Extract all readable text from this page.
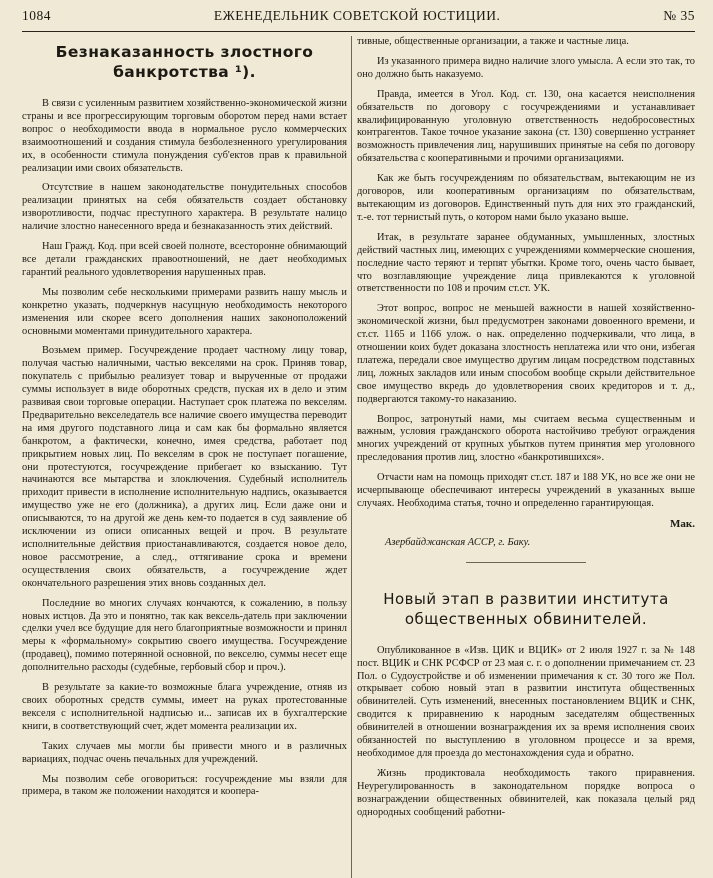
1084	ЕЖЕНЕДЕЛЬНИК СОВЕТСКОЙ ЮСТИЦИИ.	№ 35
Безнаказанность злостного банкротства ¹).

В связи с усиленным развитием хозяйственно-экономической жизни страны и все прогрессирующим торговым оборотом перед нами встает вопрос о необходимости ввода в нормальное русло коммерческих взаимоотношений и создания стимула безболезненного урегулирования их, в особенности стимула понуждения суб'ектов прав к правильной реализации ими своих обязательств.

Отсутствие в нашем законодательстве понудительных способов реализации принятых на себя обязательств создает обстановку изворотливости, подчас преступного характера. В результате налицо наличие злостно нанесенного вреда и безнаказанность этих действий.

Наш Гражд. Код. при всей своей полноте, всесторонне обнимающий все детали гражданских правоотношений, не дает необходимых гарантий реального удовлетворения нарушенных прав.

Мы позволим себе несколькими примерами развить нашу мысль и конкретно указать, подчеркнув насущную необходимость некоторого изменения или скорее всего дополнения наших законоположений основными моментами принудительного характера.

Возьмем пример. Госучреждение продает частному лицу товар, получая частью наличными, частью векселями на срок. Приняв товар, покупатель с прибылью реализует товар и вырученные от продажи суммы использует в виде оборотных средств, пуская их в дело и этим развивая свои торговые операции. Наступает срок платежа по векселям. Предварительно векселедатель все наличие своего имущества переводит на имя другого подставного лица и сам как бы формально является банкротом, а фактически, конечно, имея средства, работает под прикрытием новых лиц. По векселям в срок не поступает погашение, они протестуются, госучреждение прибегает ко взысканию. Тут начинаются все мытарства и злоключения. Судебный исполнитель приходит привести в исполнение исполнительную надпись, оказывается имущество уже не его (должника), а других лиц. Если даже они и описываются, то на другой же день кем-то подается в суд заявление об исключении из описи описанных вещей и проч. В результате исполнительные действия приостанавливаются, создается новое дело, новое рассмотрение, а след., оттягивание срока и времени осуществления своих обязательств, а госучреждение ждет окончательного разрешения этих вновь созданных дел.

Последние во многих случаях кончаются, к сожалению, в пользу новых истцов. Да это и понятно, так как вексель-датель при заключении сделки учел все будущие для него благоприятные возможности и принял меры к «формальному» сокрытию своего имущества. Госучреждение (продавец), помимо потерянной основной, по векселю, суммы несет еще дополнительно расходы (судебные, гербовый сбор и проч.).

В результате за какие-то возможные блага учреждение, отняв из своих оборотных средств суммы, имеет на руках протестованные векселя с исполнительной надписью и... записав их в бухгалтерские книги, в соответствующий счет, ждет момента реализации их.

Таких случаев мы могли бы привести много и в различных вариациях, подчас очень печальных для учреждений.

Мы позволим себе оговориться: госучреждение мы взяли для примера, в таком же положении находятся и коопера-

тивные, общественные организации, а также и частные лица.

Из указанного примера видно наличие злого умысла. А если это так, то оно должно быть наказуемо.

Правда, имеется в Угол. Код. ст. 130, она касается неисполнения обязательств по договору с госучреждениями и устанавливает квалифицированную уголовную ответственность недобросовестных контрагентов. Такое точное указание закона (ст. 130) совершенно устраняет возможность привлечения лиц, нарушивших принятые на себя по договору обязательства с кооперативными и прочими организациями.

Как же быть госучреждениям по обязательствам, вытекающим не из договоров, или кооперативным организациям по обязательствам, вытекающим из договоров. Единственный путь для них это гражданский, т.-е. тот тернистый путь, о котором нами было указано выше.

Итак, в результате заранее обдуманных, умышленных, злостных действий частных лиц, имеющих с учреждениями коммерческие сношения, последние часто теряют и терпят убытки. Кроме того, очень часто бывает, что возглавляющие учреждение лица привлекаются к уголовной ответственности по 108 и прочим ст.ст. УК.

Этот вопрос, вопрос не меньшей важности в нашей хозяйственно-экономической жизни, был предусмотрен законами довоенного времени, и ст.ст. 1165 и 1166 улож. о нак. определенно подчеркивали, что лица, в отношении коих будет доказана злостность неплатежа или что они, избегая платежа, передали свое имущество другим лицам посредством подставных лиц, ложных закладов или иным способом вообще скрыли действительное свое имущество вкредь до удовлетворения своих кредиторов и т. д., подвергаются такому-то наказанию.

Вопрос, затронутый нами, мы считаем весьма существенным и важным, условия гражданского оборота настойчиво требуют ограждения многих учреждений от крупных убытков путем принятия мер уголовного преследования против лиц, злостно «банкротившихся».

Отчасти нам на помощь приходят ст.ст. 187 и 188 УК, но все же они не исчерпывающе обеспечивают интересы учреждений в указанных выше случаях. Необходима статья, точно и определенно гарантирующая.

Мак.
Азербайджанская АССР, г. Баку.
Новый этап в развитии института общественных обвинителей.

Опубликованное в «Изв. ЦИК и ВЦИК» от 2 июля 1927 г. за № 148 пост. ВЦИК и СНК РСФСР от 23 мая с. г. о дополнении примечанием ст. 23 Пол. о Судоустройстве и об изменении примечания к ст. 30 того же Пол. открывает собою новый этап в развитии института общественных обвинителей. Суть изменений, внесенных постановлением ВЦИК и СНК, сводится к приравнению к народным заседателям общественных обвинителей в отношении вознаграждения их за время исполнения своих обязанностей по выступлению в уголовном процессе и за время, необходимое для проезда до местонахождения суда и обратно.

Жизнь продиктовала необходимость такого приравнения. Неурегулированность в законодательном порядке вопроса о вознаграждении общественных обвинителей, как показала целый ряд однородных сообщений работни-
